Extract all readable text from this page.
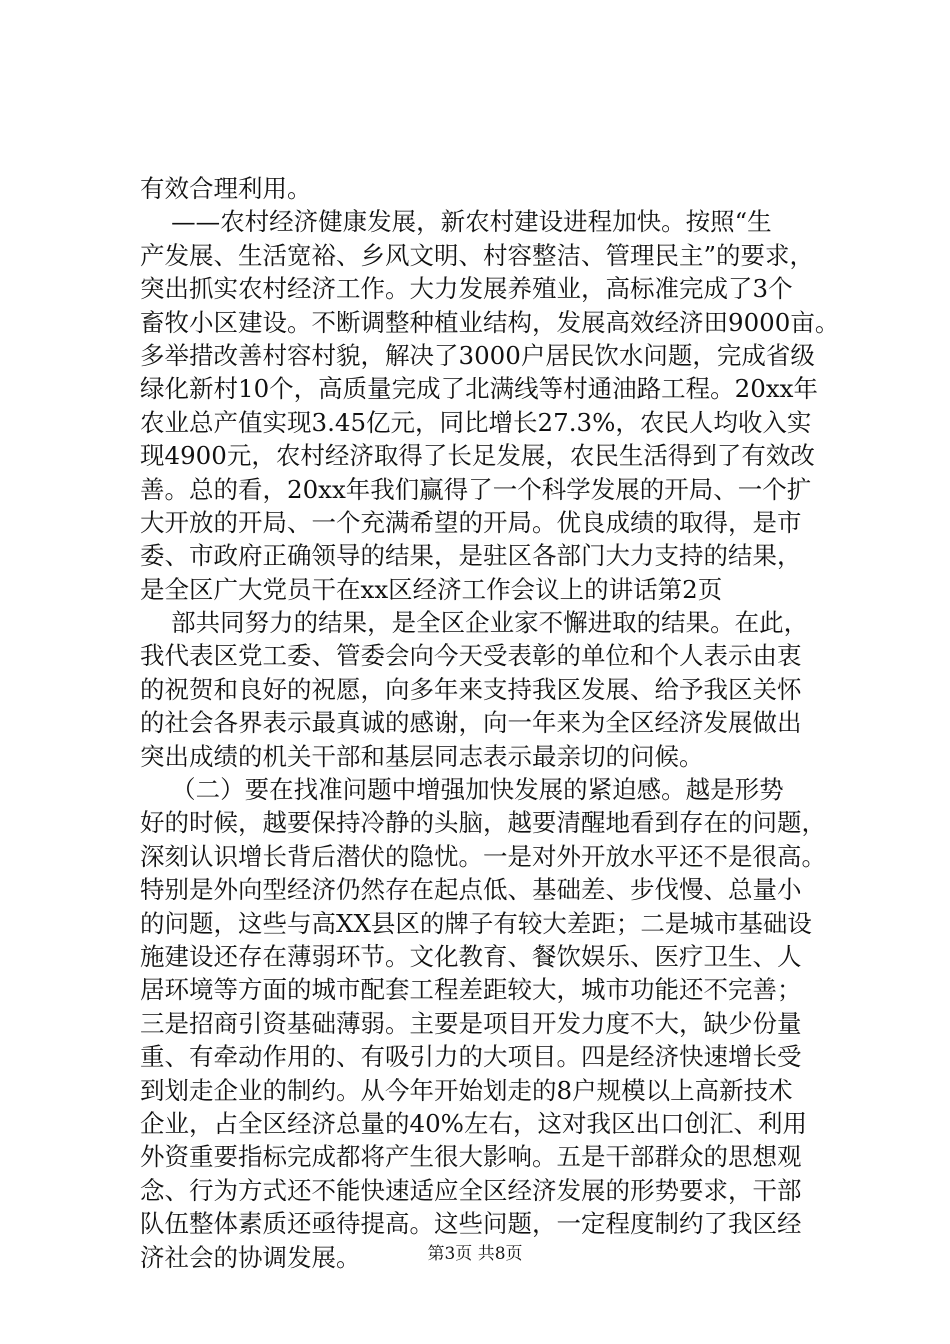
有效合理利用。
——农村经济健康发展，新农村建设进程加快。按照“生
产发展、生活宽裕、乡风文明、村容整洁、管理民主”的要求，
突出抓实农村经济工作。大力发展养殖业，高标准完成了3个
畜牧小区建设。不断调整种植业结构，发展高效经济田9000亩。
多举措改善村容村貌，解决了3000户居民饮水问题，完成省级
绿化新村10个，高质量完成了北满线等村通油路工程。20xx年
农业总产值实现3.45亿元，同比增长27.3%，农民人均收入实
现4900元，农村经济取得了长足发展，农民生活得到了有效改
善。总的看，20xx年我们赢得了一个科学发展的开局、一个扩
大开放的开局、一个充满希望的开局。优良成绩的取得，是市
委、市政府正确领导的结果，是驻区各部门大力支持的结果，
是全区广大党员干在xx区经济工作会议上的讲话第2页
部共同努力的结果，是全区企业家不懈进取的结果。在此，
我代表区党工委、管委会向今天受表彰的单位和个人表示由衷
的祝贺和良好的祝愿，向多年来支持我区发展、给予我区关怀
的社会各界表示最真诚的感谢，向一年来为全区经济发展做出
突出成绩的机关干部和基层同志表示最亲切的问候。
（二）要在找准问题中增强加快发展的紧迫感。越是形势
好的时候，越要保持冷静的头脑，越要清醒地看到存在的问题，
深刻认识增长背后潜伏的隐忧。一是对外开放水平还不是很高。
特别是外向型经济仍然存在起点低、基础差、步伐慢、总量小
的问题，这些与高XX县区的牌子有较大差距；二是城市基础设
施建设还存在薄弱环节。文化教育、餐饮娱乐、医疗卫生、人
居环境等方面的城市配套工程差距较大，城市功能还不完善；
三是招商引资基础薄弱。主要是项目开发力度不大，缺少份量
重、有牵动作用的、有吸引力的大项目。四是经济快速增长受
到划走企业的制约。从今年开始划走的8户规模以上高新技术
企业，占全区经济总量的40%左右，这对我区出口创汇、利用
外资重要指标完成都将产生很大影响。五是干部群众的思想观
念、行为方式还不能快速适应全区经济发展的形势要求，干部
队伍整体素质还亟待提高。这些问题，一定程度制约了我区经
济社会的协调发展。	第3页 共8页
